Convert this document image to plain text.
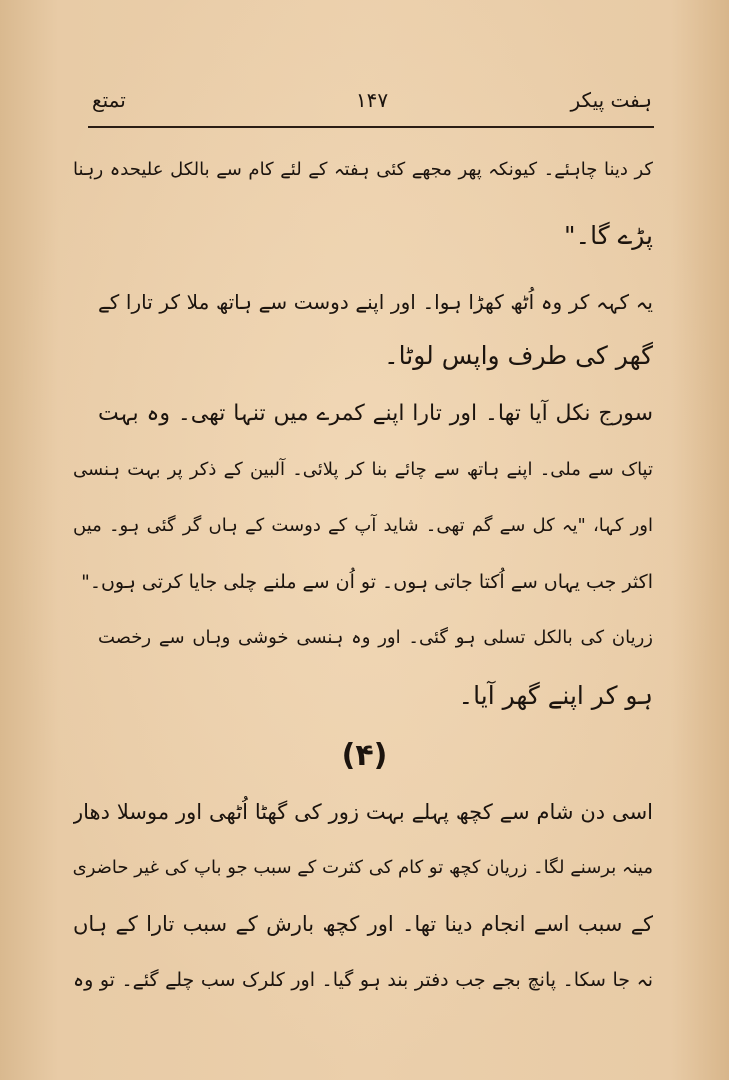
ہفت پیکر
۱۴۷
تمتع
کر دینا چاہئے۔ کیونکہ پھر مجھے کئی ہفتہ کے لئے کام سے بالکل علیحدہ رہنا
پڑے گا۔"
یہ کہہ کر وہ اُٹھ کھڑا ہوا۔ اور اپنے دوست سے ہاتھ ملا کر تارا کے
گھر کی طرف واپس لوٹا۔
سورج نکل آیا تھا۔ اور تارا اپنے کمرے میں تنہا تھی۔ وہ بہت
تپاک سے ملی۔ اپنے ہاتھ سے چائے بنا کر پلائی۔ آلبین کے ذکر پر بہت ہنسی
اور کہا، "یہ کل سے گم تھی۔ شاید آپ کے دوست کے ہاں گر گئی ہو۔ میں
اکثر جب یہاں سے اُکتا جاتی ہوں۔ تو اُن سے ملنے چلی جایا کرتی ہوں۔"
زریان کی بالکل تسلی ہو گئی۔ اور وہ ہنسی خوشی وہاں سے رخصت
ہو کر اپنے گھر آیا۔
(۴)
اسی دن شام سے کچھ پہلے بہت زور کی گھٹا اُٹھی اور موسلا دھار
مینہ برسنے لگا۔ زریان کچھ تو کام کی کثرت کے سبب جو باپ کی غیر حاضری
کے سبب اسے انجام دینا تھا۔ اور کچھ بارش کے سبب تارا کے ہاں
نہ جا سکا۔ پانچ بجے جب دفتر بند ہو گیا۔ اور کلرک سب چلے گئے۔ تو وہ
